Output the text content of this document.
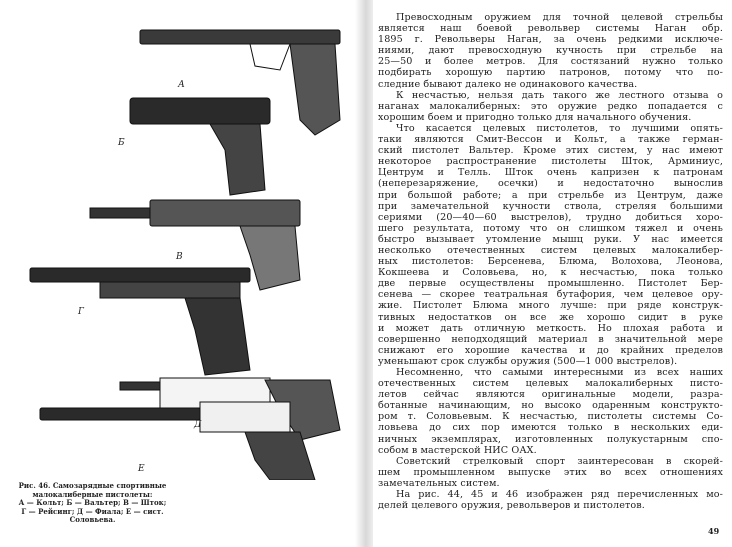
А
Б
В
Г
Д
Е
Рис. 46. Самозарядные спортивные малокалиберные пистолеты:
А — Кольт; Б — Вальтер; В — Шток;
Г — Рейсинг; Д — Фиала; Е — сист.
Соловьева.
Превосходным оружием для точной целевой стрельбы
является наш боевой револьвер системы Наган обр.
1895 г. Револьверы Наган, за очень редкими исключе-
ниями, дают превосходную кучность при стрельбе на
25—50 и более метров. Для состязаний нужно только
подбирать хорошую партию патронов, потому что по-
следние бывают далеко не одинакового качества.
К несчастью, нельзя дать такого же лестного отзыва о
наганах малокалиберных: это оружие редко попадается с
хорошим боем и пригодно только для начального обучения.
Что касается целевых пистолетов, то лучшими опять-
таки являются Смит-Вессон и Кольт, а также герман-
ский пистолет Вальтер. Кроме этих систем, у нас имеют
некоторое распространение пистолеты Шток, Арминиус,
Центрум и Телль. Шток очень капризен к патронам
(неперезаряжение, осечки) и недостаточно вынослив
при большой работе; а при стрельбе из Центрум, даже
при замечательной кучности ствола, стреляя большими
сериями (20—40—60 выстрелов), трудно добиться хоро-
шего результата, потому что он слишком тяжел и очень
быстро вызывает утомление мышц руки. У нас имеется
несколько отечественных систем целевых малокалибер-
ных пистолетов: Берсенева, Блюма, Волохова, Леонова,
Кокшеева и Соловьева, но, к несчастью, пока только
две первые осуществлены промышленно. Пистолет Бер-
сенева — скорее театральная бутафория, чем целевое ору-
жие. Пистолет Блюма много лучше: при ряде конструк-
тивных недостатков он все же хорошо сидит в руке
и может дать отличную меткость. Но плохая работа и
совершенно неподходящий материал в значительной мере
снижают его хорошие качества и до крайних пределов
уменьшают срок службы оружия (500—1 000 выстрелов).
Несомненно, что самыми интересными из всех наших
отечественных систем целевых малокалиберных писто-
летов сейчас являются оригинальные модели, разра-
ботанные начинающим, но высоко одаренным конструкто-
ром т. Соловьевым. К несчастью, пистолеты системы Со-
ловьева до сих пор имеются только в нескольких еди-
ничных экземплярах, изготовленных полукустарным спо-
собом в мастерской НИС ОАХ.
Советский стрелковый спорт заинтересован в скорей-
шем промышленном выпуске этих во всех отношениях
замечательных систем.
На рис. 44, 45 и 46 изображен ряд перечисленных мо-
делей целевого оружия, револьверов и пистолетов.
49
